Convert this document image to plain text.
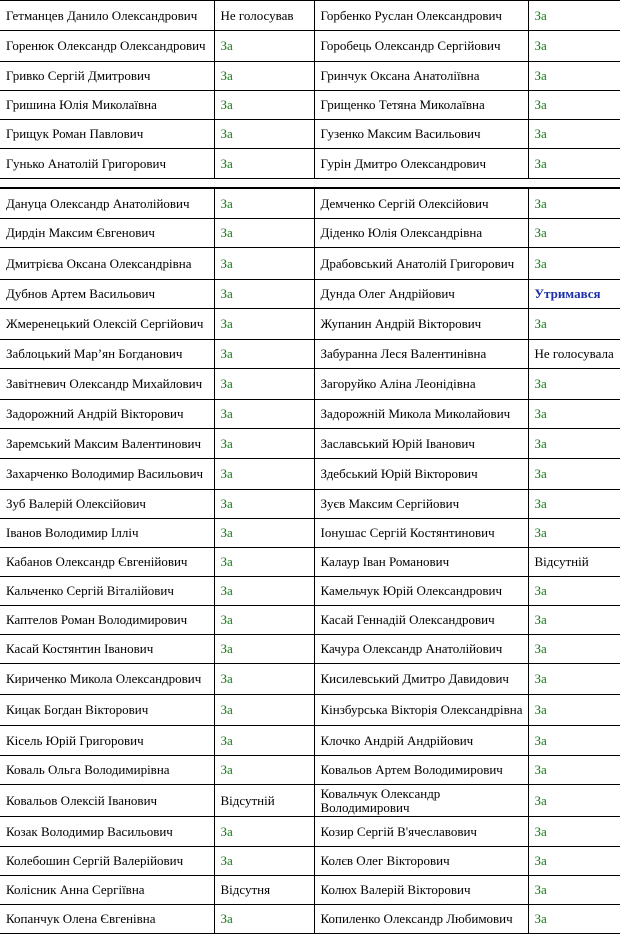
Гетманцев Данило Олександрович	Не голосував	Горбенко Руслан Олександрович	За
Горенюк Олександр Олександрович	За	Горобець Олександр Сергійович	За
Гривко Сергій Дмитрович	За	Гринчук Оксана Анатоліївна	За
Гришина Юлія Миколаївна	За	Грищенко Тетяна Миколаївна	За
Грищук Роман Павлович	За	Гузенко Максим Васильович	За
Гунько Анатолій Григорович	За	Гурін Дмитро Олександрович	За
Дануца Олександр Анатолійович	За	Демченко Сергій Олексійович	За
Дирдін Максим Євгенович	За	Діденко Юлія Олександрівна	За
Дмитрієва Оксана Олександрівна	За	Драбовський Анатолій Григорович	За
Дубнов Артем Васильович	За	Дунда Олег Андрійович	Утримався
Жмеренецький Олексій Сергійович	За	Жупанин Андрій Вікторович	За
Заблоцький Мар’ян Богданович	За	Забуранна Леся Валентинівна	Не голосувала
Завітневич Олександр Михайлович	За	Загоруйко Аліна Леонідівна	За
Задорожний Андрій Вікторович	За	Задорожній Микола Миколайович	За
Заремський Максим Валентинович	За	Заславський Юрій Іванович	За
Захарченко Володимир Васильович	За	Здебський Юрій Вікторович	За
Зуб Валерій Олексійович	За	Зуєв Максим Сергійович	За
Іванов Володимир Ілліч	За	Іонушас Сергій Костянтинович	За
Кабанов Олександр Євгенійович	За	Калаур Іван Романович	Відсутній
Кальченко Сергій Віталійович	За	Камельчук Юрій Олександрович	За
Каптелов Роман Володимирович	За	Касай Геннадій Олександрович	За
Касай Костянтин Іванович	За	Качура Олександр Анатолійович	За
Кириченко Микола Олександрович	За	Кисилевський Дмитро Давидович	За
Кицак Богдан Вікторович	За	Кінзбурська Вікторія Олександрівна	За
Кісель Юрій Григорович	За	Клочко Андрій Андрійович	За
Коваль Ольга Володимирівна	За	Ковальов Артем Володимирович	За
Ковальов Олексій Іванович	Відсутній	Ковальчук Олександр Володимирович	За
Козак Володимир Васильович	За	Козир Сергій В'ячеславович	За
Колебошин Сергій Валерійович	За	Колєв Олег Вікторович	За
Колісник Анна Сергіївна	Відсутня	Колюх Валерій Вікторович	За
Копанчук Олена Євгенівна	За	Копиленко Олександр Любимович	За
